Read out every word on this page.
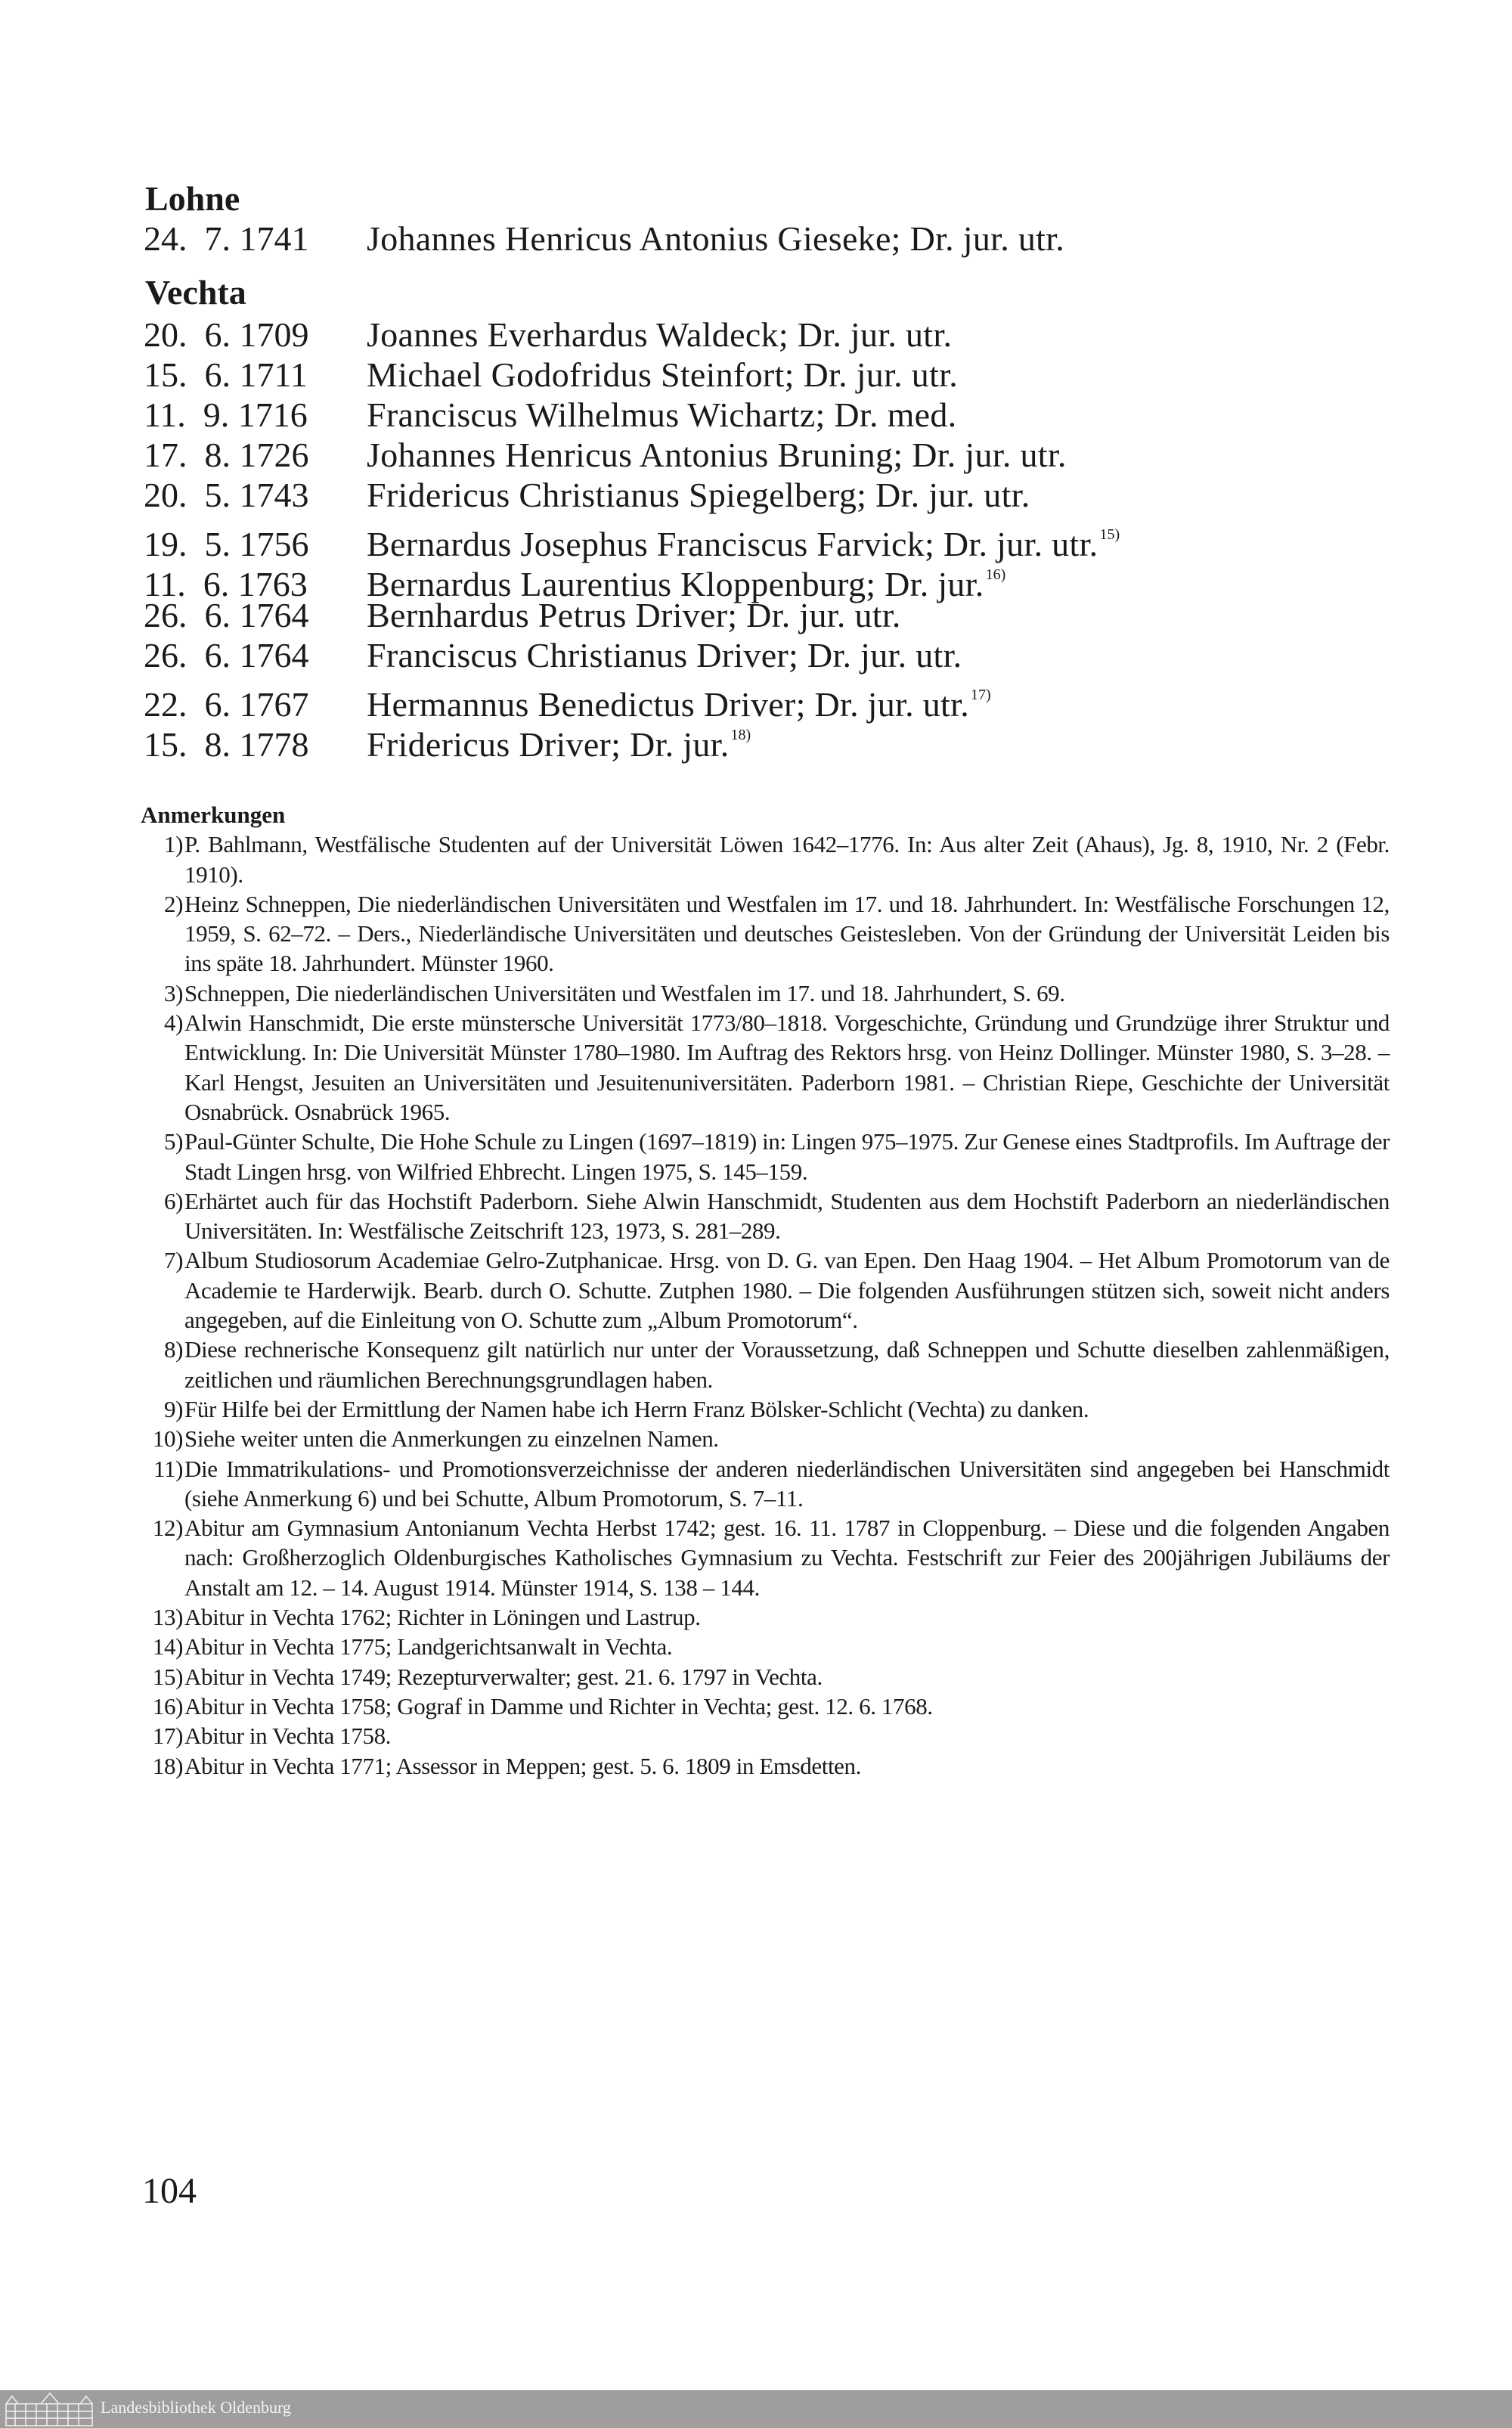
Lohne
24.  7. 1741 Johannes Henricus Antonius Gieseke; Dr. jur. utr.
Vechta
20.  6. 1709 Joannes Everhardus Waldeck; Dr. jur. utr.
15.  6. 1711 Michael Godofridus Steinfort; Dr. jur. utr.
11.  9. 1716 Franciscus Wilhelmus Wichartz; Dr. med.
17.  8. 1726 Johannes Henricus Antonius Bruning; Dr. jur. utr.
20.  5. 1743 Fridericus Christianus Spiegelberg; Dr. jur. utr.
19.  5. 1756 Bernardus Josephus Franciscus Farvick; Dr. jur. utr. $^{15)}$
11.  6. 1763 Bernardus Laurentius Kloppenburg; Dr. jur. $^{16)}$
26.  6. 1764 Bernhardus Petrus Driver; Dr. jur. utr.
26.  6. 1764 Franciscus Christianus Driver; Dr. jur. utr.
22.  6. 1767 Hermannus Benedictus Driver; Dr. jur. utr. $^{17)}$
15.  8. 1778 Fridericus Driver; Dr. jur. $^{18)}$
Anmerkungen
1) P. Bahlmann, Westfälische Studenten auf der Universität Löwen 1642–1776. In: Aus alter Zeit (Ahaus), Jg. 8, 1910, Nr. 2 (Febr. 1910).
2) Heinz Schneppen, Die niederländischen Universitäten und Westfalen im 17. und 18. Jahrhundert. In: Westfälische Forschungen 12, 1959, S. 62–72. – Ders., Niederländische Universitäten und deutsches Geistesleben. Von der Gründung der Universität Leiden bis ins späte 18. Jahrhundert. Münster 1960.
3) Schneppen, Die niederländischen Universitäten und Westfalen im 17. und 18. Jahrhundert, S. 69.
4) Alwin Hanschmidt, Die erste münstersche Universität 1773/80–1818. Vorgeschichte, Gründung und Grundzüge ihrer Struktur und Entwicklung. In: Die Universität Münster 1780–1980. Im Auftrag des Rektors hrsg. von Heinz Dollinger. Münster 1980, S. 3–28. – Karl Hengst, Jesuiten an Universitäten und Jesuitenuniversitäten. Paderborn 1981. – Christian Riepe, Geschichte der Universität Osnabrück. Osnabrück 1965.
5) Paul-Günter Schulte, Die Hohe Schule zu Lingen (1697–1819) in: Lingen 975–1975. Zur Genese eines Stadtprofils. Im Auftrage der Stadt Lingen hrsg. von Wilfried Ehbrecht. Lingen 1975, S. 145–159.
6) Erhärtet auch für das Hochstift Paderborn. Siehe Alwin Hanschmidt, Studenten aus dem Hochstift Paderborn an niederländischen Universitäten. In: Westfälische Zeitschrift 123, 1973, S. 281–289.
7) Album Studiosorum Academiae Gelro-Zutphanicae. Hrsg. von D. G. van Epen. Den Haag 1904. – Het Album Promotorum van de Academie te Harderwijk. Bearb. durch O. Schutte. Zutphen 1980. – Die folgenden Ausführungen stützen sich, soweit nicht anders angegeben, auf die Einleitung von O. Schutte zum „Album Promotorum“.
8) Diese rechnerische Konsequenz gilt natürlich nur unter der Voraussetzung, daß Schneppen und Schutte dieselben zahlenmäßigen, zeitlichen und räumlichen Berechnungsgrundlagen haben.
9) Für Hilfe bei der Ermittlung der Namen habe ich Herrn Franz Bölsker-Schlicht (Vechta) zu danken.
10) Siehe weiter unten die Anmerkungen zu einzelnen Namen.
11) Die Immatrikulations- und Promotionsverzeichnisse der anderen niederländischen Universitäten sind angegeben bei Hanschmidt (siehe Anmerkung 6) und bei Schutte, Album Promotorum, S. 7–11.
12) Abitur am Gymnasium Antonianum Vechta Herbst 1742; gest. 16. 11. 1787 in Cloppenburg. – Diese und die folgenden Angaben nach: Großherzoglich Oldenburgisches Katholisches Gymnasium zu Vechta. Festschrift zur Feier des 200jährigen Jubiläums der Anstalt am 12. – 14. August 1914. Münster 1914, S. 138 – 144.
13) Abitur in Vechta 1762; Richter in Löningen und Lastrup.
14) Abitur in Vechta 1775; Landgerichtsanwalt in Vechta.
15) Abitur in Vechta 1749; Rezepturverwalter; gest. 21. 6. 1797 in Vechta.
16) Abitur in Vechta 1758; Gograf in Damme und Richter in Vechta; gest. 12. 6. 1768.
17) Abitur in Vechta 1758.
18) Abitur in Vechta 1771; Assessor in Meppen; gest. 5. 6. 1809 in Emsdetten.
104
Landesbibliothek Oldenburg
